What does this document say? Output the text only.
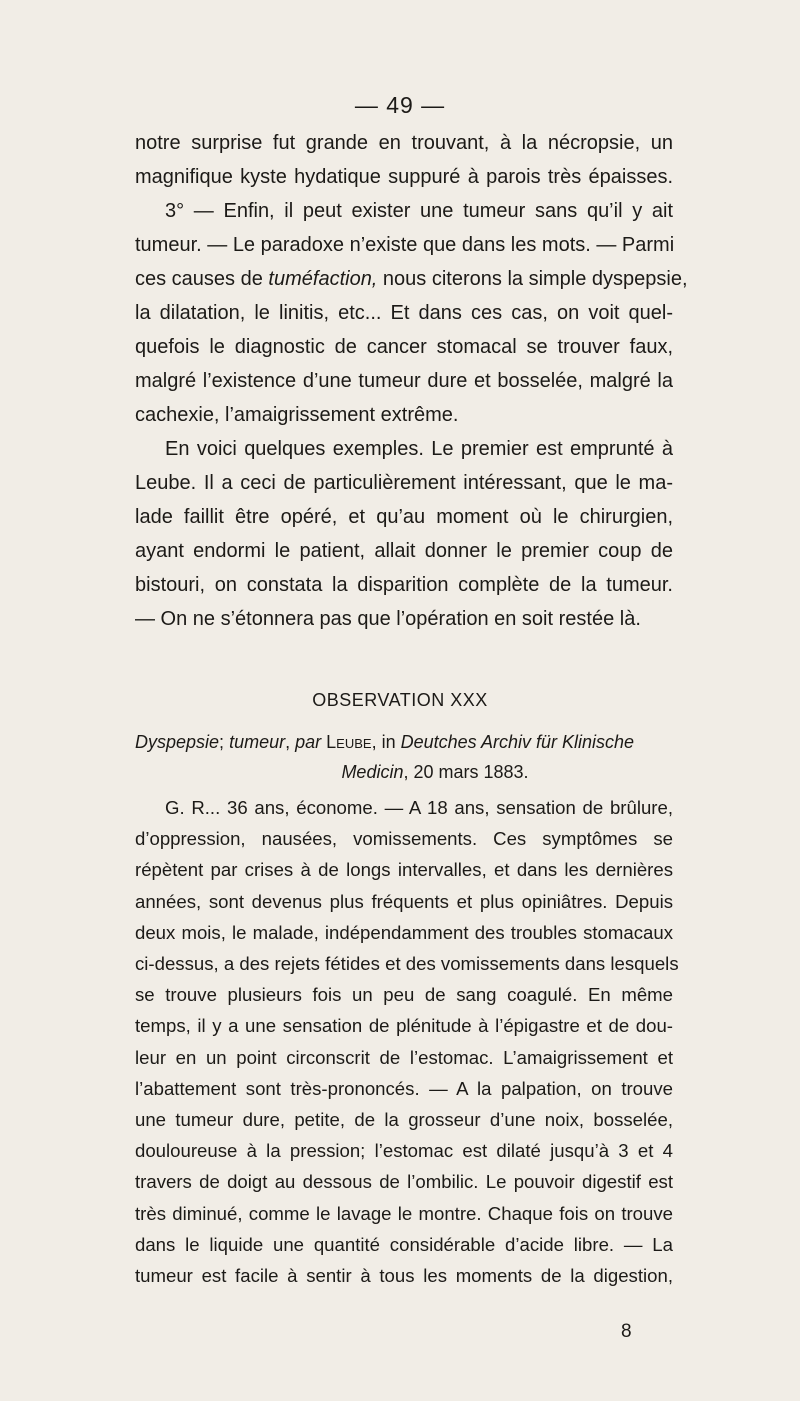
— 49 —
notre surprise fut grande en trouvant, à la nécropsie, un
magnifique kyste hydatique suppuré à parois très épaisses.
3° — Enfin, il peut exister une tumeur sans qu’il y ait
tumeur. — Le paradoxe n’existe que dans les mots. — Parmi
ces causes de tuméfaction, nous citerons la simple dyspepsie,
la dilatation, le linitis, etc... Et dans ces cas, on voit quel-
quefois le diagnostic de cancer stomacal se trouver faux,
malgré l’existence d’une tumeur dure et bosselée, malgré la
cachexie, l’amaigrissement extrême.
En voici quelques exemples. Le premier est emprunté à
Leube. Il a ceci de particulièrement intéressant, que le ma-
lade faillit être opéré, et qu’au moment où le chirurgien,
ayant endormi le patient, allait donner le premier coup de
bistouri, on constata la disparition complète de la tumeur.
— On ne s’étonnera pas que l’opération en soit restée là.
OBSERVATION XXX
Dyspepsie; tumeur, par Leube, in Deutches Archiv für Klinische
Medicin, 20 mars 1883.
G. R... 36 ans, économe. — A 18 ans, sensation de brûlure,
d’oppression, nausées, vomissements. Ces symptômes se
répètent par crises à de longs intervalles, et dans les dernières
années, sont devenus plus fréquents et plus opiniâtres. Depuis
deux mois, le malade, indépendamment des troubles stomacaux
ci-dessus, a des rejets fétides et des vomissements dans lesquels
se trouve plusieurs fois un peu de sang coagulé. En même
temps, il y a une sensation de plénitude à l’épigastre et de dou-
leur en un point circonscrit de l’estomac. L’amaigrissement et
l’abattement sont très-prononcés. — A la palpation, on trouve
une tumeur dure, petite, de la grosseur d’une noix, bosselée,
douloureuse à la pression; l’estomac est dilaté jusqu’à 3 et 4
travers de doigt au dessous de l’ombilic. Le pouvoir digestif est
très diminué, comme le lavage le montre. Chaque fois on trouve
dans le liquide une quantité considérable d’acide libre. — La
tumeur est facile à sentir à tous les moments de la digestion,
8
